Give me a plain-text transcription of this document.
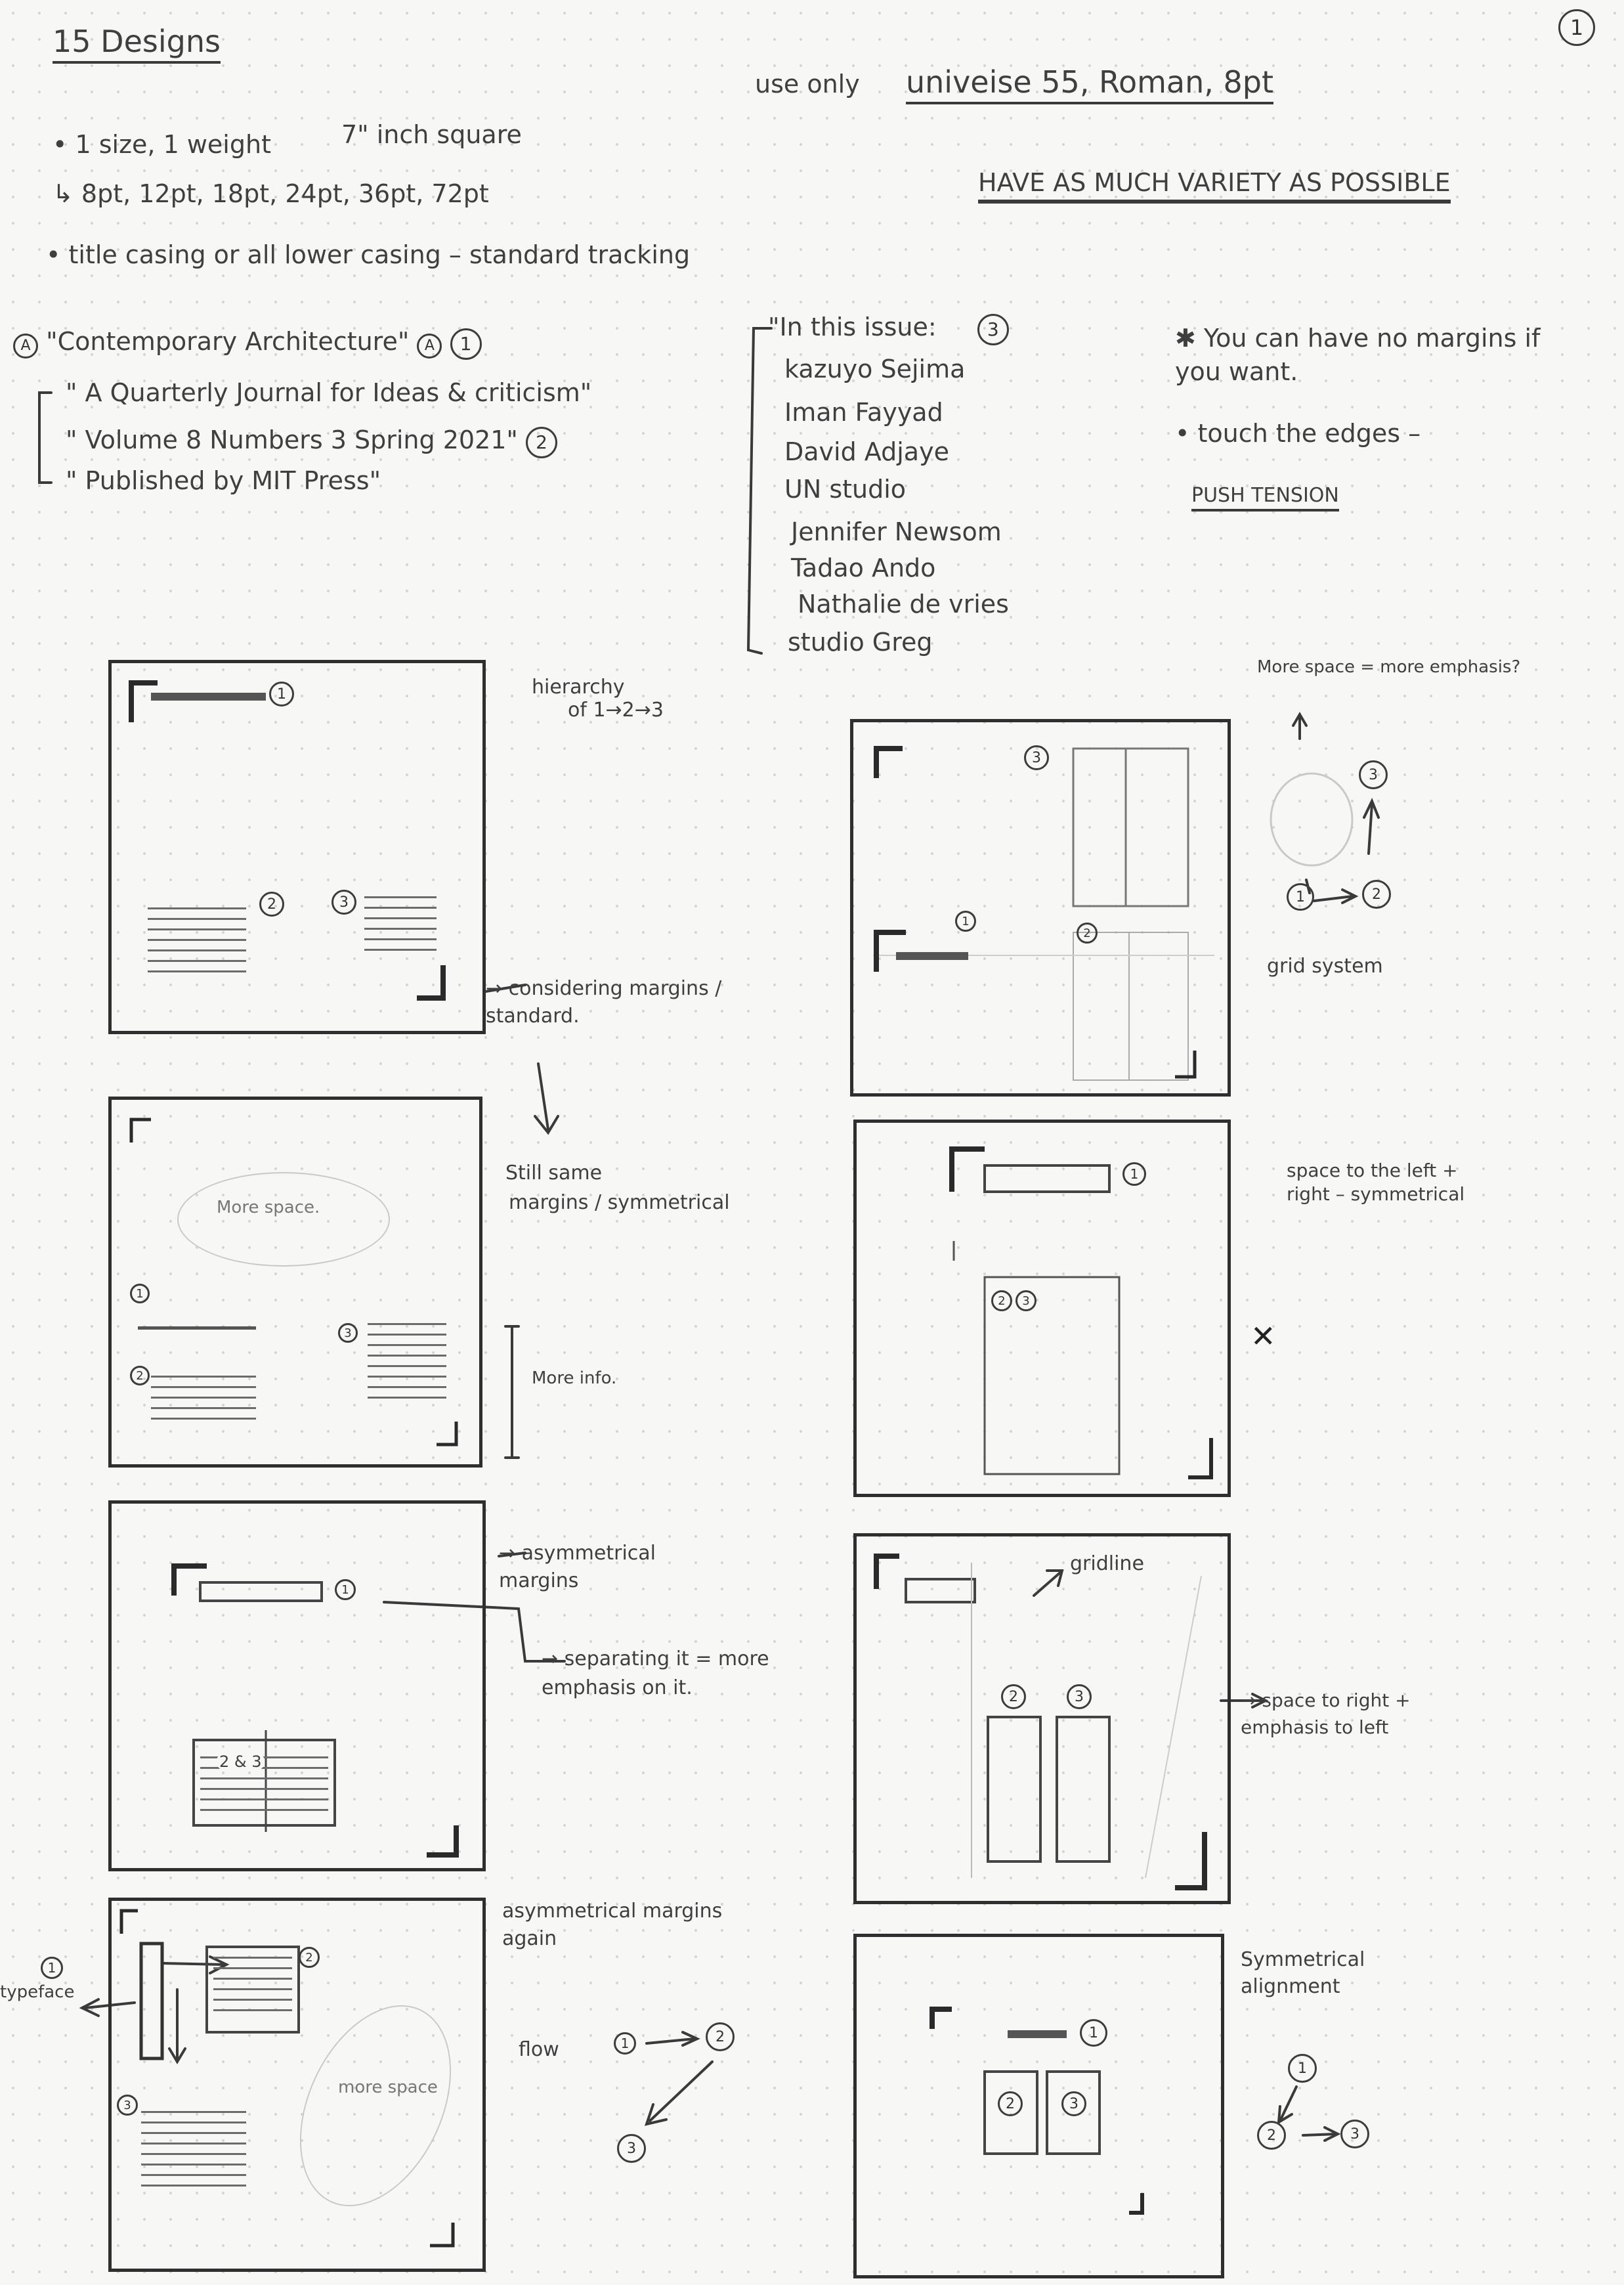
15 Designs	1
use only univeise 55, Roman, 8pt
• 1 size, 1 weight	7" inch square
↳ 8pt, 12pt, 18pt, 24pt, 36pt, 72pt
• title casing or all lower casing – standard tracking
HAVE AS MUCH VARIETY AS POSSIBLE
A "Contemporary Architecture" A 1
" A Quarterly Journal for Ideas & criticism"
" Volume 8 Numbers 3 Spring 2021" 2
" Published by MIT Press"
"In this issue:	3
kazuyo Sejima
Iman Fayyad
David Adjaye
UN studio
Jennifer Newsom
Tadao Ando
Nathalie de vries
studio Greg
✱ You can have no margins if you want.
• touch the edges –
PUSH TENSION
1
2	3
More space.
1
2
3
1
2 & 3
2
3
more space
3
1
2
1
2	3
2	3
1
2	3
hierarchy
of 1→2→3
→ considering margins / standard.
Still same
margins / symmetrical
More info.
→ asymmetrical margins
→ separating it = more emphasis on it.
asymmetrical margins again
flow	1	2
3
1
typeface
More space = more emphasis?
3
1	2
grid system
space to the left + right – symmetrical
✕
gridline
→ space to right + emphasis to left
Symmetrical alignment
1
2	3
